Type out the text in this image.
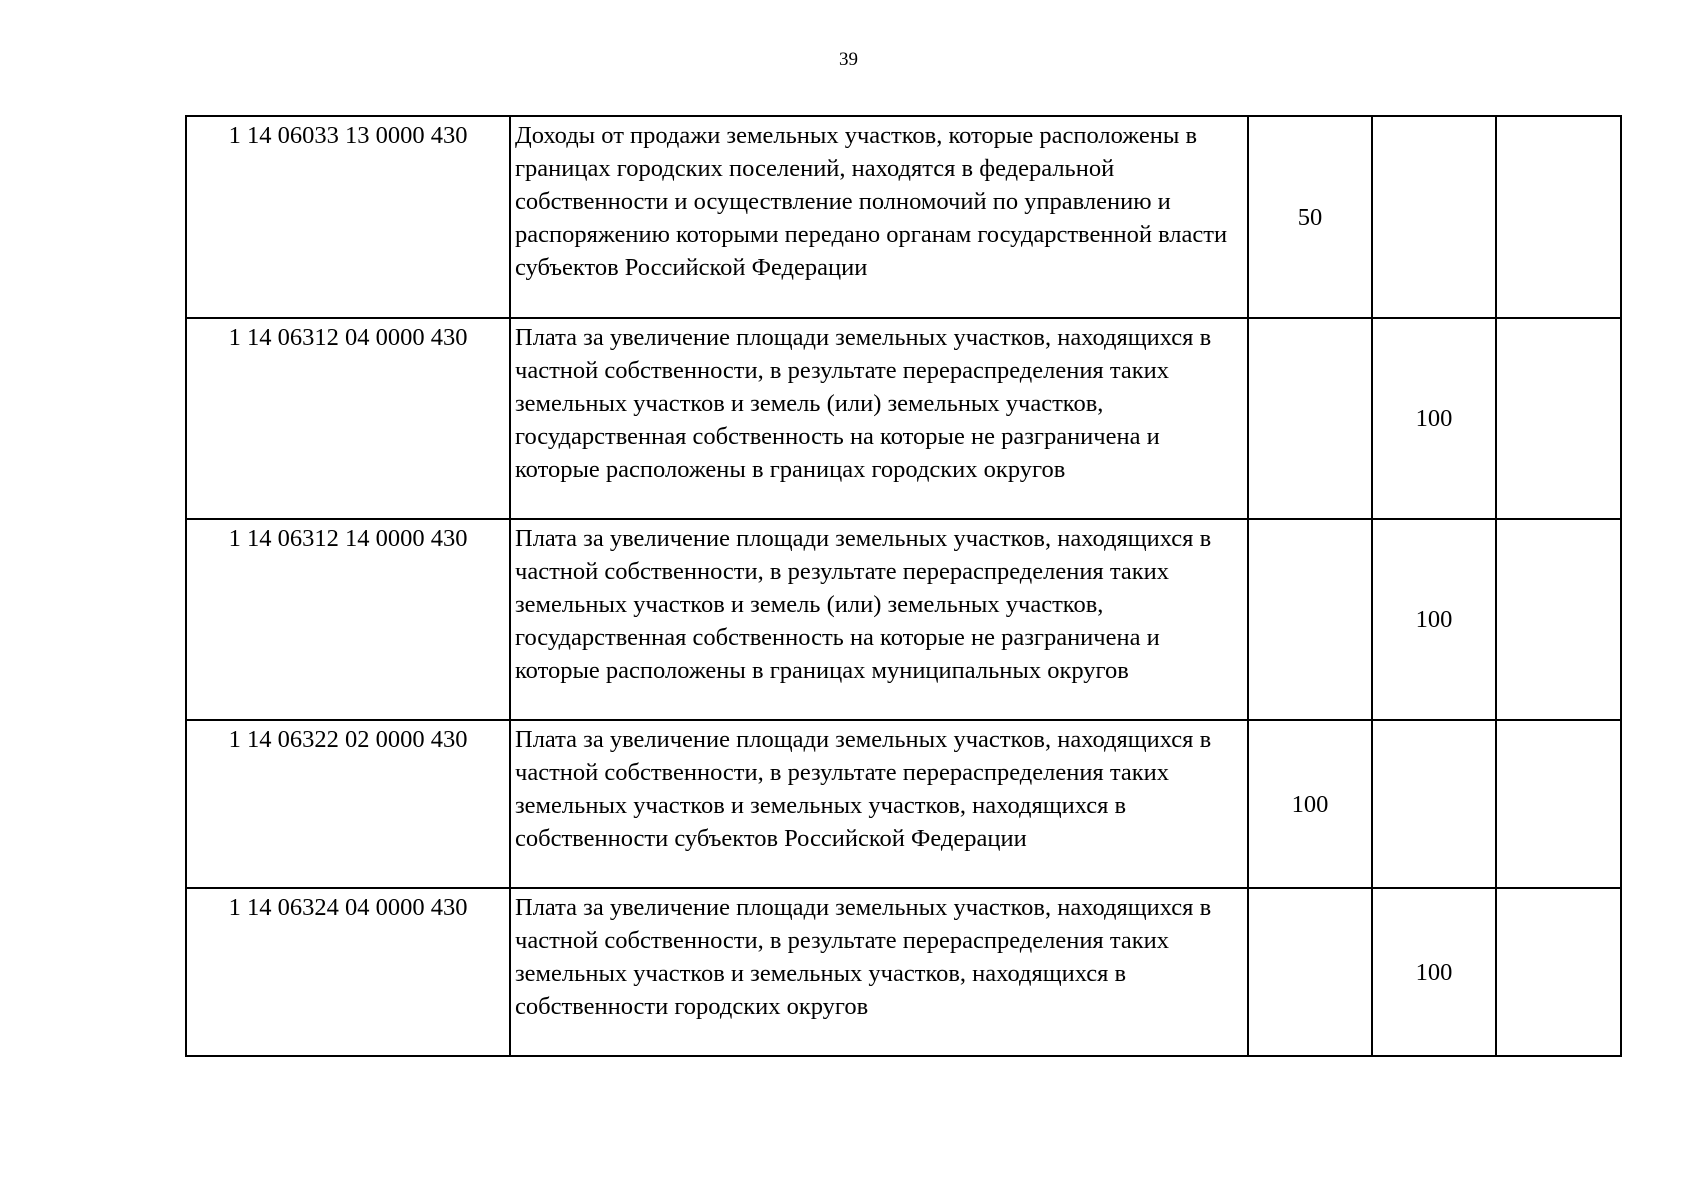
39
1 14 06033 13 0000 430	Доходы от продажи земельных участков, которые расположены в границах городских поселений, находятся в федеральной собственности и осуществление полномочий по управлению и распоряжению которыми передано органам государственной власти субъектов Российской Федерации	50		
1 14 06312 04 0000 430	Плата за увеличение площади земельных участков, находящихся в частной собственности, в результате перераспределения таких земельных участков и земель (или) земельных участков, государственная собственность на которые не разграничена и которые расположены в границах городских округов		100	
1 14 06312 14 0000 430	Плата за увеличение площади земельных участков, находящихся в частной собственности, в результате перераспределения таких земельных участков и земель (или) земельных участков, государственная собственность на которые не разграничена и которые расположены в границах муниципальных округов		100	
1 14 06322 02 0000 430	Плата за увеличение площади земельных участков, находящихся в частной собственности, в результате перераспределения таких земельных участков и земельных участков, находящихся в собственности субъектов Российской Федерации	100		
1 14 06324 04 0000 430	Плата за увеличение площади земельных участков, находящихся в частной собственности, в результате перераспределения таких земельных участков и земельных участков, находящихся в собственности городских округов		100	
